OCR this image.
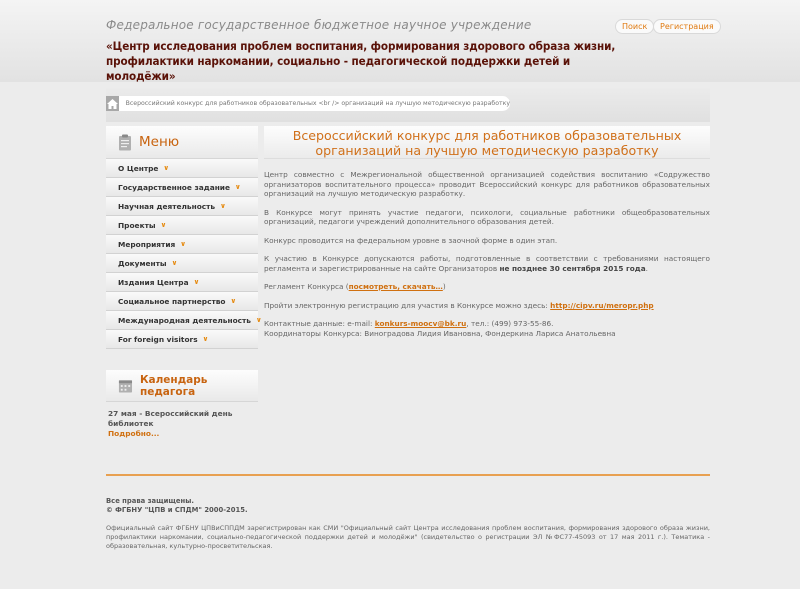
Федеральное государственное бюджетное научное учреждение
«Центр исследования проблем воспитания, формирования здорового образа жизни, профилактики наркомании, социально - педагогической поддержки детей и молодёжи»
Поиск	Регистрация
Всероссийский конкурс для работников образовательных <br /> организаций на лучшую методическую разработку
Меню
О Центре ∨
Государственное задание ∨
Научная деятельность ∨
Проекты ∨
Мероприятия ∨
Документы ∨
Издания Центра ∨
Социальное партнерство ∨
Международная деятельность ∨
For foreign visitors ∨
Календарь педагога
27 мая - Всероссийский день библиотек
Подробно...
Всероссийский конкурс для работников образовательных организаций на лучшую методическую разработку

Центр совместно с Межрегиональной общественной организацией содействия воспитанию «Содружество организаторов воспитательного процесса» проводит Всероссийский конкурс для работников образовательных организаций на лучшую методическую разработку.

В Конкурсе могут принять участие педагоги, психологи, социальные работники общеобразовательных организаций, педагоги учреждений дополнительного образования детей.

Конкурс проводится на федеральном уровне в заочной форме в один этап.

К участию в Конкурсе допускаются работы, подготовленные в соответствии с требованиями настоящего регламента и зарегистрированные на сайте Организаторов не позднее 30 сентября 2015 года.

Регламент Конкурса (посмотреть, скачать…)

Пройти электронную регистрацию для участия в Конкурсе можно здесь: http://cipv.ru/meropr.php

Контактные данные: e-mail: konkurs-moocv@bk.ru, тел.: (499) 973-55-86.
Координаторы Конкурса: Виноградова Лидия Ивановна, Фондеркина Лариса Анатольевна

Все права защищены.
© ФГБНУ "ЦПВ и СПДМ" 2000-2015.
Официальный сайт ФГБНУ ЦПВиСППДМ зарегистрирован как СМИ "Официальный сайт Центра исследования проблем воспитания, формирования здорового образа жизни, профилактики наркомании, социально-педагогической поддержки детей и молодёжи" (свидетельство о регистрации ЭЛ №ФС77-45093 от 17 мая 2011 г.). Тематика - образовательная, культурно-просветительская.
